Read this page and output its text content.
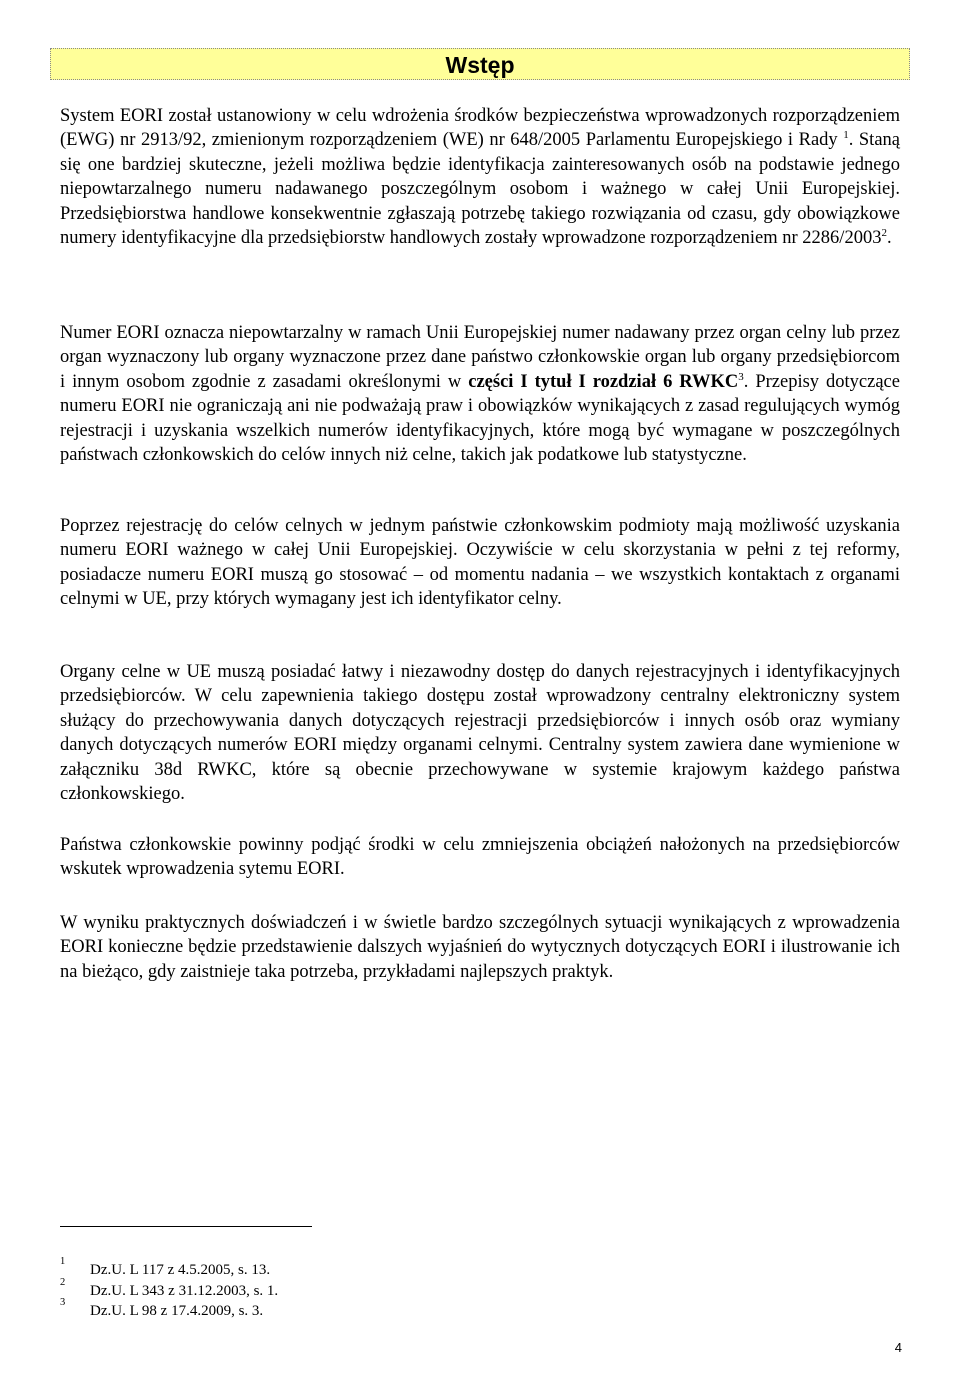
Wstęp

System EORI został ustanowiony w celu wdrożenia środków bezpieczeństwa wprowadzonych rozporządzeniem (EWG) nr 2913/92, zmienionym rozporządzeniem (WE) nr 648/2005 Parlamentu Europejskiego i Rady $^1$. Staną się one bardziej skuteczne, jeżeli możliwa będzie identyfikacja zainteresowanych osób na podstawie jednego niepowtarzalnego numeru nadawanego poszczególnym osobom i ważnego w całej Unii Europejskiej. Przedsiębiorstwa handlowe konsekwentnie zgłaszają potrzebę takiego rozwiązania od czasu, gdy obowiązkowe numery identyfikacyjne dla przedsiębiorstw handlowych zostały wprowadzone rozporządzeniem nr 2286/2003$^2$.

Numer EORI oznacza niepowtarzalny w ramach Unii Europejskiej numer nadawany przez organ celny lub przez organ wyznaczony lub organy wyznaczone przez dane państwo członkowskie organ lub organy przedsiębiorcom i innym osobom zgodnie z zasadami określonymi w części I tytuł I rozdział 6 RWKC$^3$. Przepisy dotyczące numeru EORI nie ograniczają ani nie podważają praw i obowiązków wynikających z zasad regulujących wymóg rejestracji i uzyskania wszelkich numerów identyfikacyjnych, które mogą być wymagane w poszczególnych państwach członkowskich do celów innych niż celne, takich jak podatkowe lub statystyczne.

Poprzez rejestrację do celów celnych w jednym państwie członkowskim podmioty mają możliwość uzyskania numeru EORI ważnego w całej Unii Europejskiej. Oczywiście w celu skorzystania w pełni z tej reformy, posiadacze numeru EORI muszą go stosować – od momentu nadania – we wszystkich kontaktach z organami celnymi w UE, przy których wymagany jest ich identyfikator celny.

Organy celne w UE muszą posiadać łatwy i niezawodny dostęp do danych rejestracyjnych i identyfikacyjnych przedsiębiorców. W celu zapewnienia takiego dostępu został wprowadzony centralny elektroniczny system służący do przechowywania danych dotyczących rejestracji przedsiębiorców i innych osób oraz wymiany danych dotyczących numerów EORI między organami celnymi. Centralny system zawiera dane wymienione w załączniku 38d RWKC, które są obecnie przechowywane w systemie krajowym każdego państwa członkowskiego.

Państwa członkowskie powinny podjąć środki w celu zmniejszenia obciążeń nałożonych na przedsiębiorców wskutek wprowadzenia sytemu EORI.

W wyniku praktycznych doświadczeń i w świetle bardzo szczególnych sytuacji wynikających z wprowadzenia EORI konieczne będzie przedstawienie dalszych wyjaśnień do wytycznych dotyczących EORI i ilustrowanie ich na bieżąco, gdy zaistnieje taka potrzeba, przykładami najlepszych praktyk.

1
Dz.U. L 117 z 4.5.2005, s. 13.
2
Dz.U. L 343 z 31.12.2003, s. 1.
3
Dz.U. L 98 z 17.4.2009, s. 3.
4
